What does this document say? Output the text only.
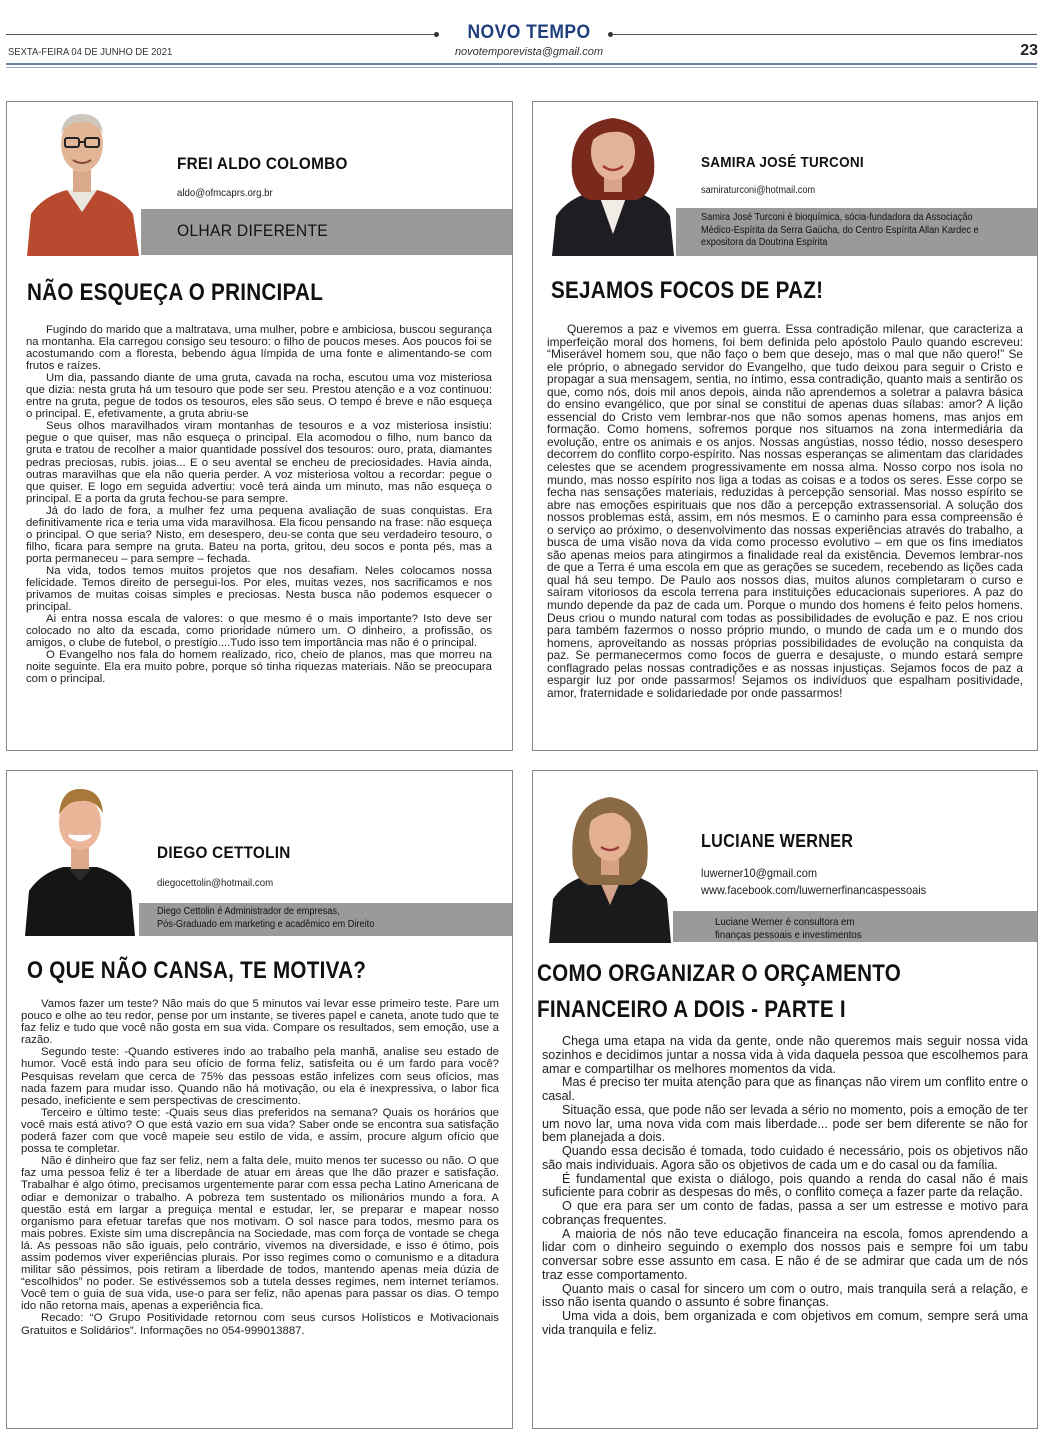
NOVO TEMPO
SEXTA-FEIRA 04 DE JUNHO DE 2021	novotemporevista@gmail.com	23
FREI ALDO COLOMBO
aldo@ofmcaprs.org.br
OLHAR DIFERENTE
NÃO ESQUEÇA O PRINCIPAL

Fugindo do marido que a maltratava, uma mulher, pobre e ambiciosa, buscou segurança na montanha. Ela carregou consigo seu tesouro: o filho de poucos meses. Aos poucos foi se acostumando com a floresta, bebendo água límpida de uma fonte e alimentando-se com frutos e raízes.

Um dia, passando diante de uma gruta, cavada na rocha, escutou uma voz misteriosa que dizia: nesta gruta há um tesouro que pode ser seu. Prestou atenção e a voz continuou: entre na gruta, pegue de todos os tesouros, eles são seus. O tempo é breve e não esqueça o principal. E, efetivamente, a gruta abriu-se

Seus olhos maravilhados viram montanhas de tesouros e a voz misteriosa insistiu: pegue o que quiser, mas não esqueça o principal. Ela acomodou o filho, num banco da gruta e tratou de recolher a maior quantidade possível dos tesouros: ouro, prata, diamantes pedras preciosas, rubis. joias... E o seu avental se encheu de preciosidades. Havia ainda, outras maravilhas que ela não queria perder. A voz misteriosa voltou a recordar: pegue o que quiser. E logo em seguida advertiu: você terá ainda um minuto, mas não esqueça o principal. E a porta da gruta fechou-se para sempre.

Já do lado de fora, a mulher fez uma pequena avaliação de suas conquistas. Era definitivamente rica e teria uma vida maravilhosa. Ela ficou pensando na frase: não esqueça o principal. O que seria? Nisto, em desespero, deu-se conta que seu verdadeiro tesouro, o filho, ficara para sempre na gruta. Bateu na porta, gritou, deu socos e ponta pés, mas a porta permaneceu – para sempre – fechada.

Na vida, todos temos muitos projetos que nos desafiam. Neles colocamos nossa felicidade. Temos direito de persegui-los. Por eles, muitas vezes, nos sacrificamos e nos privamos de muitas coisas simples e preciosas. Nesta busca não podemos esquecer o principal.

Ai entra nossa escala de valores: o que mesmo é o mais importante? Isto deve ser colocado no alto da escada, como prioridade número um. O dinheiro, a profissão, os amigos, o clube de futebol, o prestígio....Tudo isso tem importância mas não é o principal.

O Evangelho nos fala do homem realizado, rico, cheio de planos, mas que morreu na noite seguinte. Ela era muito pobre, porque só tinha riquezas materiais. Não se preocupara com o principal.

SAMIRA JOSÉ TURCONI
samiraturconi@hotmail.com
Samira José Turconi é bioquímica, sócia-fundadora da Associação
Médico-Espírita da Serra Gaúcha, do Centro Espírita Allan Kardec e
expositora da Doutrina Espírita
SEJAMOS FOCOS DE PAZ!

Queremos a paz e vivemos em guerra. Essa contradição milenar, que caracteriza a imperfeição moral dos homens, foi bem definida pelo apóstolo Paulo quando escreveu: “Miserável homem sou, que não faço o bem que desejo, mas o mal que não quero!” Se ele próprio, o abnegado servidor do Evangelho, que tudo deixou para seguir o Cristo e propagar a sua mensagem, sentia, no íntimo, essa contradição, quanto mais a sentirão os que, como nós, dois mil anos depois, ainda não aprendemos a soletrar a palavra básica do ensino evangélico, que por sinal se constitui de apenas duas sílabas: amor? A lição essencial do Cristo vem lembrar-nos que não somos apenas homens, mas anjos em formação. Como homens, sofremos porque nos situamos na zona intermediária da evolução, entre os animais e os anjos. Nossas angústias, nosso tédio, nosso desespero decorrem do conflito corpo-espírito. Nas nossas esperanças se alimentam das claridades celestes que se acendem progressivamente em nossa alma. Nosso corpo nos isola no mundo, mas nosso espírito nos liga a todas as coisas e a todos os seres. Esse corpo se fecha nas sensações materiais, reduzidas à percepção sensorial. Mas nosso espírito se abre nas emoções espirituais que nos dão a percepção extrassensorial. A solução dos nossos problemas está, assim, em nós mesmos. E o caminho para essa compreensão é o serviço ao próximo, o desenvolvimento das nossas experiências através do trabalho, a busca de uma visão nova da vida como processo evolutivo – em que os fins imediatos são apenas meios para atingirmos a finalidade real da existência. Devemos lembrar-nos de que a Terra é uma escola em que as gerações se sucedem, recebendo as lições cada qual há seu tempo. De Paulo aos nossos dias, muitos alunos completaram o curso e saíram vitoriosos da escola terrena para instituições educacionais superiores. A paz do mundo depende da paz de cada um. Porque o mundo dos homens é feito pelos homens. Deus criou o mundo natural com todas as possibilidades de evolução e paz. E nos criou para também fazermos o nosso próprio mundo, o mundo de cada um e o mundo dos homens, aproveitando as nossas próprias possibilidades de evolução na conquista da paz. Se permanecermos como focos de guerra e desajuste, o mundo estará sempre conflagrado pelas nossas contradições e as nossas injustiças. Sejamos focos de paz a espargir luz por onde passarmos! Sejamos os indivíduos que espalham positividade, amor, fraternidade e solidariedade por onde passarmos!

DIEGO CETTOLIN
diegocettolin@hotmail.com
Diego Cettolin é Administrador de empresas,
Pós-Graduado em marketing e acadêmico em Direito
O QUE NÃO CANSA, TE MOTIVA?

Vamos fazer um teste? Não mais do que 5 minutos vai levar esse primeiro teste. Pare um pouco e olhe ao teu redor, pense por um instante, se tiveres papel e caneta, anote tudo que te faz feliz e tudo que você não gosta em sua vida. Compare os resultados, sem emoção, use a razão.

Segundo teste: -Quando estiveres indo ao trabalho pela manhã, analise seu estado de humor. Você está indo para seu ofício de forma feliz, satisfeita ou é um fardo para você? Pesquisas revelam que cerca de 75% das pessoas estão infelizes com seus ofícios, mas nada fazem para mudar isso. Quando não há motivação, ou ela é inexpressiva, o labor fica pesado, ineficiente e sem perspectivas de crescimento.

Terceiro e último teste: -Quais seus dias preferidos na semana? Quais os horários que você mais está ativo? O que está vazio em sua vida? Saber onde se encontra sua satisfação poderá fazer com que você mapeie seu estilo de vida, e assim, procure algum ofício que possa te completar.

Não é dinheiro que faz ser feliz, nem a falta dele, muito menos ter sucesso ou não. O que faz uma pessoa feliz é ter a liberdade de atuar em áreas que lhe dão prazer e satisfação. Trabalhar é algo ótimo, precisamos urgentemente parar com essa pecha Latino Americana de odiar e demonizar o trabalho. A pobreza tem sustentado os milionários mundo a fora. A questão está em largar a preguiça mental e estudar, ler, se preparar e mapear nosso organismo para efetuar tarefas que nos motivam. O sol nasce para todos, mesmo para os mais pobres. Existe sim uma discrepância na Sociedade, mas com força de vontade se chega lá. As pessoas não são iguais, pelo contrário, vivemos na diversidade, e isso é ótimo, pois assim podemos viver experiências plurais. Por isso regimes como o comunismo e a ditadura militar são péssimos, pois retiram a liberdade de todos, mantendo apenas meia dúzia de “escolhidos” no poder. Se estivéssemos sob a tutela desses regimes, nem internet teríamos. Você tem o guia de sua vida, use-o para ser feliz, não apenas para passar os dias. O tempo ido não retorna mais, apenas a experiência fica.

Recado: “O Grupo Positividade retornou com seus cursos Holísticos e Motivacionais Gratuitos e Solidários”. Informações no 054-999013887.

LUCIANE WERNER
luwerner10@gmail.com
www.facebook.com/luwernerfinancaspessoais
Luciane Werner é consultora em
finanças pessoais e investimentos
COMO ORGANIZAR O ORÇAMENTO
FINANCEIRO A DOIS - PARTE I

Chega uma etapa na vida da gente, onde não queremos mais seguir nossa vida sozinhos e decidimos juntar a nossa vida à vida daquela pessoa que escolhemos para amar e compartilhar os melhores momentos da vida.

Mas é preciso ter muita atenção para que as finanças não virem um conflito entre o casal.

Situação essa, que pode não ser levada a sério no momento, pois a emoção de ter um novo lar, uma nova vida com mais liberdade... pode ser bem diferente se não for bem planejada a dois.

Quando essa decisão é tomada, todo cuidado é necessário, pois os objetivos não são mais individuais. Agora são os objetivos de cada um e do casal ou da família.

É fundamental que exista o diálogo, pois quando a renda do casal não é mais suficiente para cobrir as despesas do mês, o conflito começa a fazer parte da relação.

O que era para ser um conto de fadas, passa a ser um estresse e motivo para cobranças frequentes.

A maioria de nós não teve educação financeira na escola, fomos aprendendo a lidar com o dinheiro seguindo o exemplo dos nossos pais e sempre foi um tabu conversar sobre esse assunto em casa. E não é de se admirar que cada um de nós traz esse comportamento.

Quanto mais o casal for sincero um com o outro, mais tranquila será a relação, e isso não isenta quando o assunto é sobre finanças.

Uma vida a dois, bem organizada e com objetivos em comum, sempre será uma vida tranquila e feliz.
